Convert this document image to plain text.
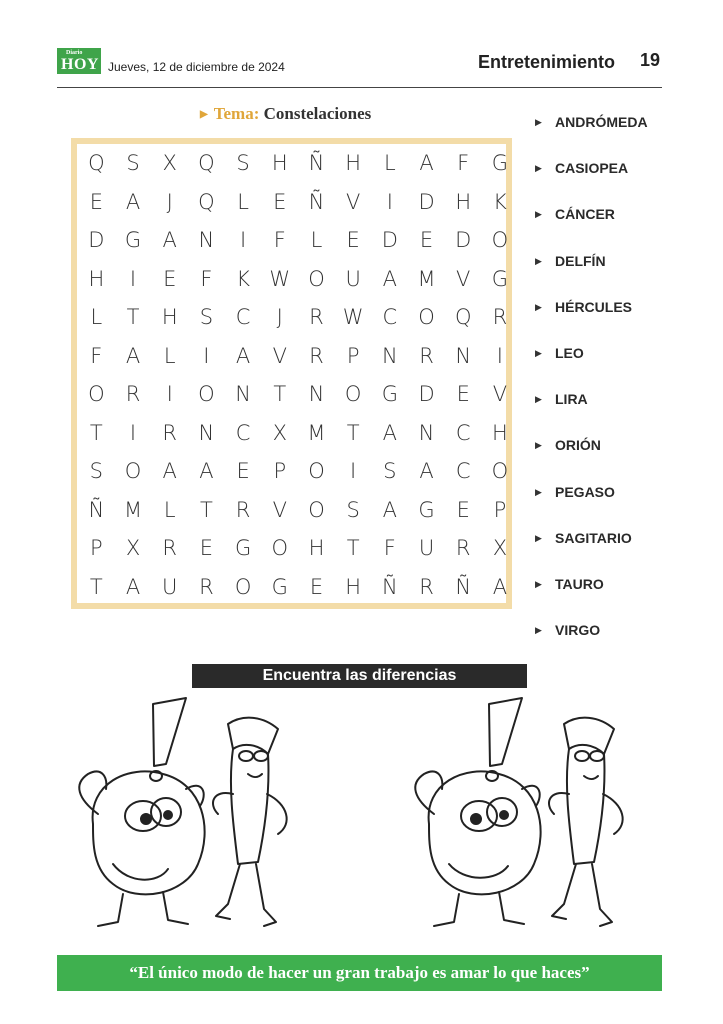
Diario
HOY Jueves, 12 de diciembre de 2024	Entretenimiento 19
▶ Tema: Constelaciones
Q	S	X	Q	S	H Ñ H	L	A	F	G
E	A	J	Q	L	E	Ñ	V	I	D H	K
D G	A	N	I	F	L	E	D	E	D O
H	I	E	F	K W O U	A M V	G
L	T	H	S	C	J	R W C	O Q	R
F	A	L	I	A	V	R	P	N	R	N	I
O	R	I	O N	T	N O G D	E	V
T	I	R	N	C	X M	T	A	N	C	H
S	O	A	A	E	P	O	I	S	A	C	O
Ñ M	L	T	R	V	O	S	A	G	E	P
P	X	R	E	G O H	T	F	U	R	X
T	A	U	R	O G	E	H Ñ	R	Ñ	A
▶ ANDRÓMEDA
▶ CASIOPEA
▶ CÁNCER
▶ DELFÍN
▶ HÉRCULES
▶ LEO
▶ LIRA
▶ ORIÓN
▶ PEGASO
▶ SAGITARIO
▶ TAURO
▶ VIRGO
Encuentra las diferencias
“El único modo de hacer un gran trabajo es amar lo que haces”
